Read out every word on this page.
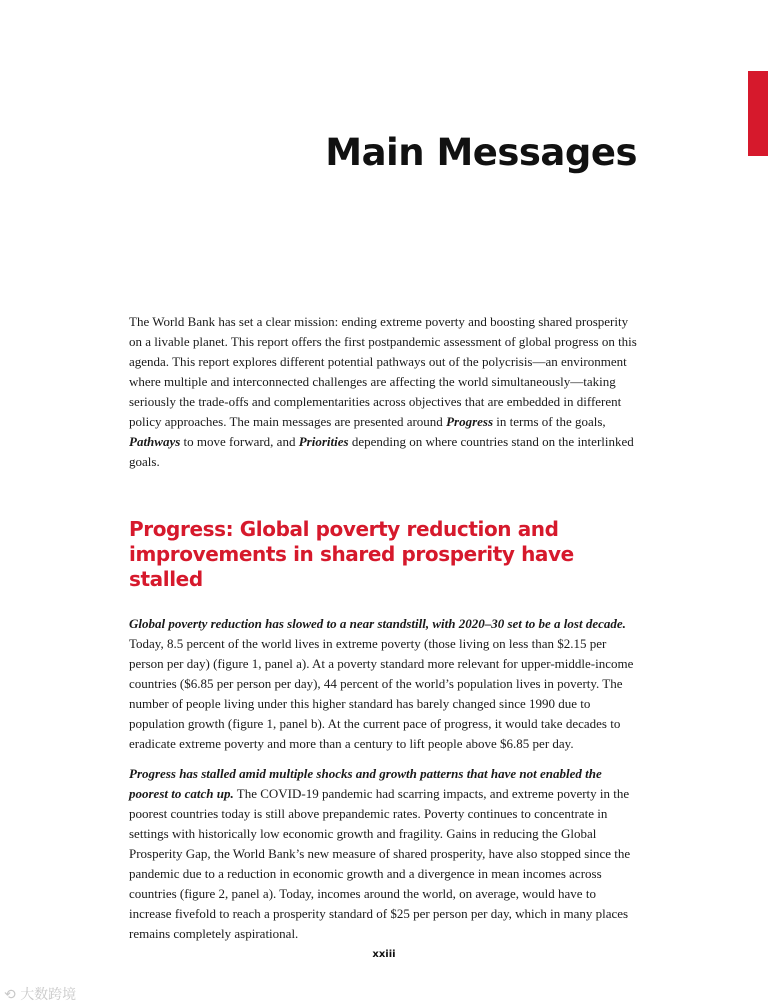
Main Messages

The World Bank has set a clear mission: ending extreme poverty and boosting shared prosperity on a livable planet. This report offers the first postpandemic assessment of global progress on this agenda. This report explores different potential pathways out of the polycrisis—an environment where multiple and interconnected challenges are affecting the world simultaneously—taking seriously the trade-offs and complementarities across objectives that are embedded in different policy approaches. The main messages are presented around Progress in terms of the goals, Pathways to move forward, and Priorities depending on where countries stand on the interlinked goals.

Progress: Global poverty reduction and improvements in shared prosperity have stalled

Global poverty reduction has slowed to a near standstill, with 2020–30 set to be a lost decade. Today, 8.5 percent of the world lives in extreme poverty (those living on less than $2.15 per person per day) (figure 1, panel a). At a poverty standard more relevant for upper-middle-income countries ($6.85 per person per day), 44 percent of the world’s population lives in poverty. The number of people living under this higher standard has barely changed since 1990 due to population growth (figure 1, panel b). At the current pace of progress, it would take decades to eradicate extreme poverty and more than a century to lift people above $6.85 per day.

Progress has stalled amid multiple shocks and growth patterns that have not enabled the poorest to catch up. The COVID-19 pandemic had scarring impacts, and extreme poverty in the poorest countries today is still above prepandemic rates. Poverty continues to concentrate in settings with historically low economic growth and fragility. Gains in reducing the Global Prosperity Gap, the World Bank’s new measure of shared prosperity, have also stopped since the pandemic due to a reduction in economic growth and a divergence in mean incomes across countries (figure 2, panel a). Today, incomes around the world, on average, would have to increase fivefold to reach a prosperity standard of $25 per person per day, which in many places remains completely aspirational.

xxiii
⟲ 大数跨境
